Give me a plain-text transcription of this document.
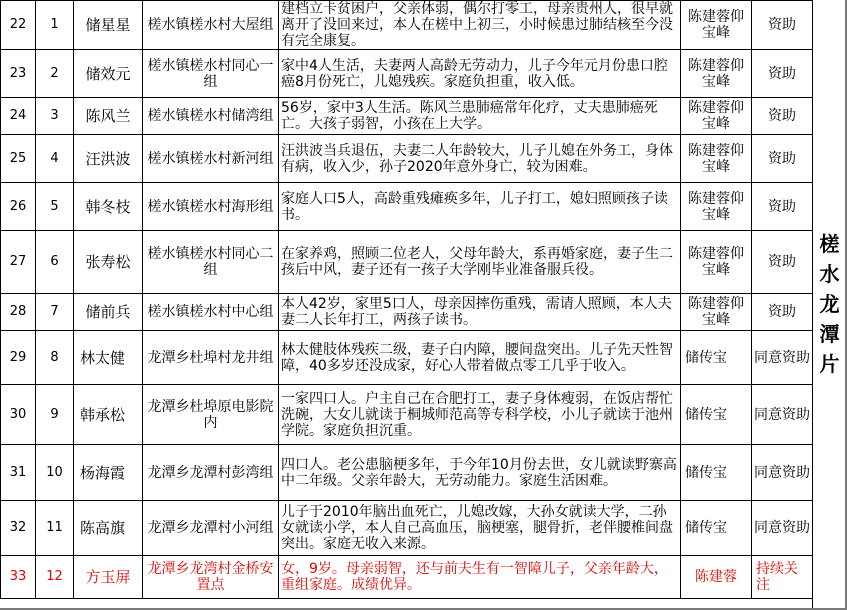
22	1	储星星	槎水镇槎水村大屋组	建档立卡贫困户，父亲体弱，偶尔打零工，母亲贵州人，很早就离开了没回来过，本人在槎中上初三，小时候患过肺结核至今没有完全康复。	陈建蓉仰宝峰	资助
23	2	储效元	槎水镇槎水村同心一组	家中4人生活，夫妻两人高龄无劳动力，儿子今年元月份患口腔癌8月份死亡，儿媳残疾。家庭负担重，收入低。	陈建蓉仰宝峰	资助
24	3	陈风兰	槎水镇槎水村储湾组	56岁，家中3人生活。陈风兰患肺癌常年化疗，丈夫患肺癌死亡。大孩子弱智，小孩在上大学。	陈建蓉仰宝峰	资助
25	4	汪洪波	槎水镇槎水村新河组	汪洪波当兵退伍，夫妻二人年龄较大，儿子儿媳在外务工，身体有病，收入少，孙子2020年意外身亡，较为困难。	陈建蓉仰宝峰	资助
26	5	韩冬枝	槎水镇槎水村海形组	家庭人口5人，高龄重残瘫痪多年，儿子打工，媳妇照顾孩子读书。	陈建蓉仰宝峰	资助
27	6	张寿松	槎水镇槎水村同心二组	在家养鸡，照顾二位老人，父母年龄大，系再婚家庭，妻子生二孩后中风，妻子还有一孩子大学刚毕业准备服兵役。	陈建蓉仰宝峰	资助
28	7	储前兵	槎水镇槎水村中心组	本人42岁，家里5口人，母亲因摔伤重残，需请人照顾，本人夫妻二人长年打工，两孩子读书。	陈建蓉仰宝峰	资助
29	8	林太健	龙潭乡杜埠村龙井组	林太健肢体残疾二级，妻子白内障，腰间盘突出。儿子先天性智障，40多岁还没成家，好心人带着做点零工几乎于收入。	储传宝	同意资助
30	9	韩承松	龙潭乡杜埠原电影院内	一家四口人。户主自己在合肥打工，妻子身体瘦弱，在饭店帮忙洗碗，大女儿就读于桐城师范高等专科学校，小儿子就读于池州学院。家庭负担沉重。	储传宝	同意资助
31	10	杨海霞	龙潭乡龙潭村彭湾组	四口人。老公患脑梗多年，于今年10月份去世，女儿就读野寨高中二年级。父亲年龄大，无劳动能力。家庭生活困难。	储传宝	同意资助
32	11	陈高旗	龙潭乡龙潭村小河组	儿子于2010年脑出血死亡，儿媳改嫁，大孙女就读大学，二孙女就读小学，本人自己高血压，脑梗塞，腿骨折，老伴腰椎间盘突出。家庭无收入来源。	储传宝	同意资助
33	12	方玉屏	龙潭乡龙湾村金桥安置点	女，9岁。母亲弱智，还与前夫生有一智障儿子，父亲年龄大，重组家庭。成绩优异。	陈建蓉	持续关注
槎水龙潭片
